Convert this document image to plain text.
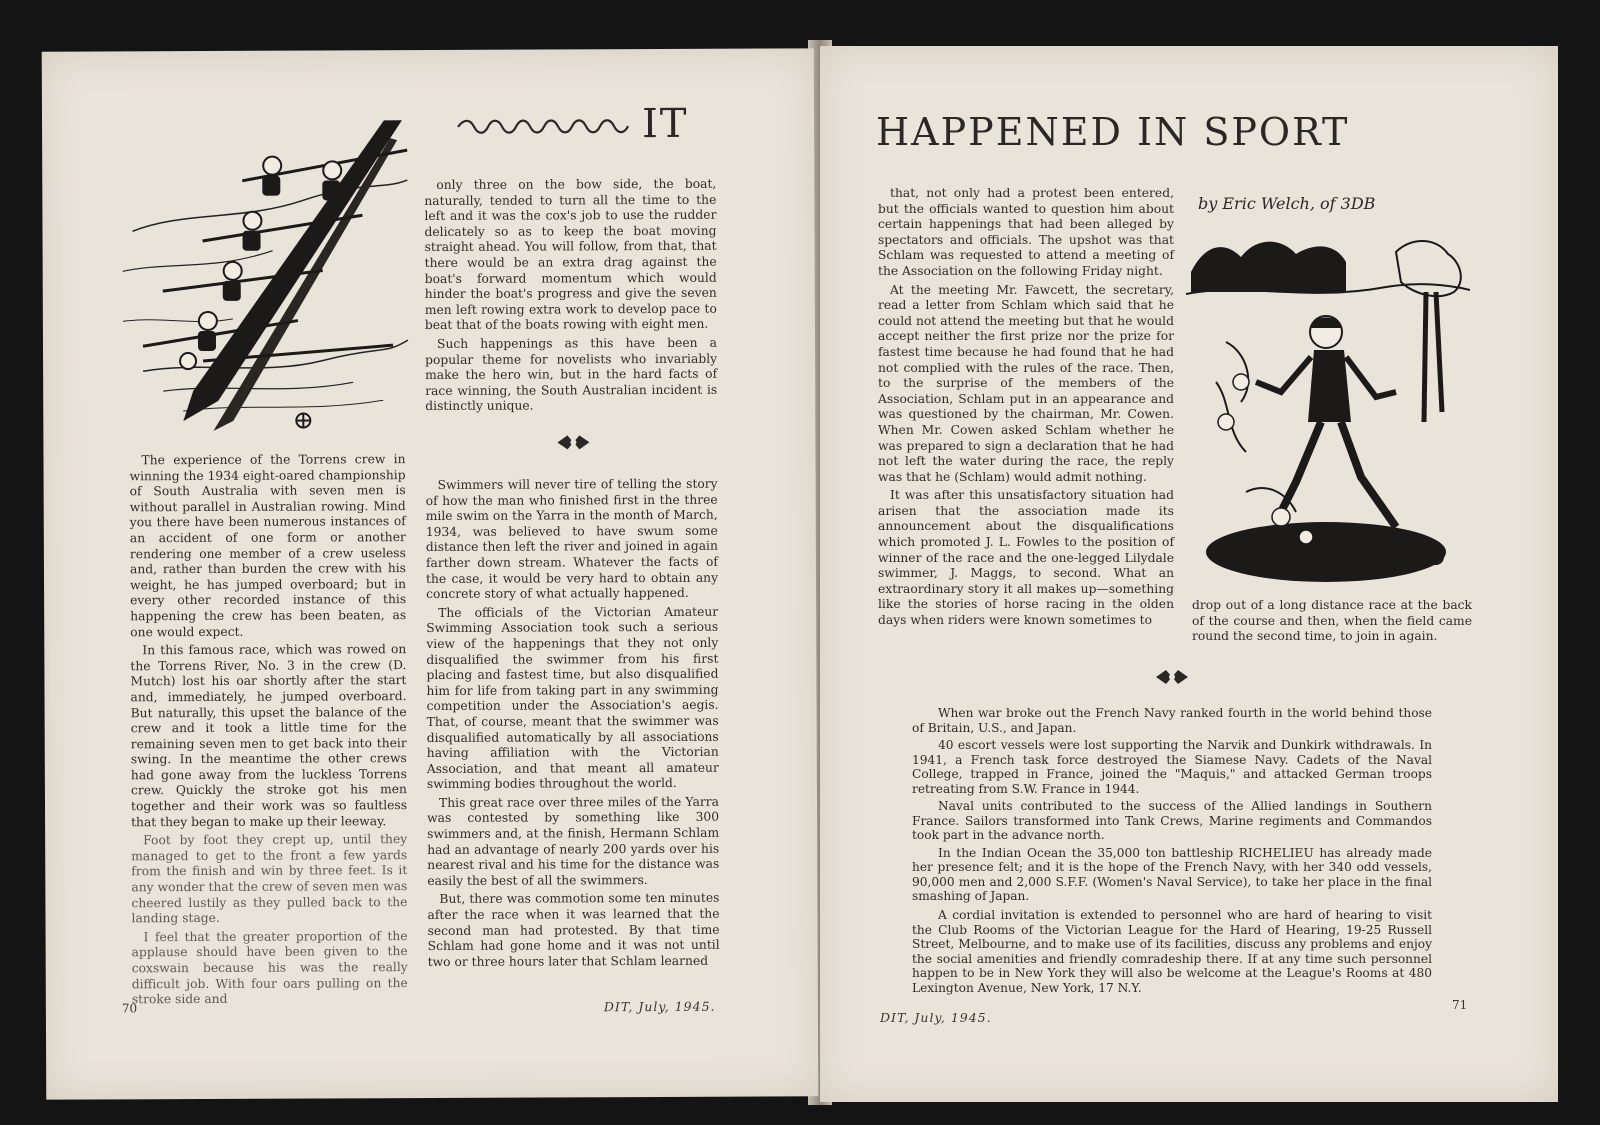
IT

The experience of the Torrens crew in winning the 1934 eight-oared championship of South Australia with seven men is without parallel in Australian rowing. Mind you there have been numerous instances of an accident of one form or another rendering one member of a crew useless and, rather than burden the crew with his weight, he has jumped overboard; but in every other recorded instance of this happening the crew has been beaten, as one would expect.

In this famous race, which was rowed on the Torrens River, No. 3 in the crew (D. Mutch) lost his oar shortly after the start and, immediately, he jumped overboard. But naturally, this upset the balance of the crew and it took a little time for the remaining seven men to get back into their swing. In the meantime the other crews had gone away from the luckless Torrens crew. Quickly the stroke got his men together and their work was so faultless that they began to make up their leeway.

Foot by foot they crept up, until they managed to get to the front a few yards from the finish and win by three feet. Is it any wonder that the crew of seven men was cheered lustily as they pulled back to the landing stage.

I feel that the greater proportion of the applause should have been given to the coxswain because his was the really difficult job. With four oars pulling on the stroke side and

only three on the bow side, the boat, naturally, tended to turn all the time to the left and it was the cox's job to use the rudder delicately so as to keep the boat moving straight ahead. You will follow, from that, that there would be an extra drag against the boat's forward momentum which would hinder the boat's progress and give the seven men left rowing extra work to develop pace to beat that of the boats rowing with eight men.

Such happenings as this have been a popular theme for novelists who invariably make the hero win, but in the hard facts of race winning, the South Australian incident is distinctly unique.

Swimmers will never tire of telling the story of how the man who finished first in the three mile swim on the Yarra in the month of March, 1934, was believed to have swum some distance then left the river and joined in again farther down stream. Whatever the facts of the case, it would be very hard to obtain any concrete story of what actually happened.

The officials of the Victorian Amateur Swimming Association took such a serious view of the happenings that they not only disqualified the swimmer from his first placing and fastest time, but also disqualified him for life from taking part in any swimming competition under the Association's aegis. That, of course, meant that the swimmer was disqualified automatically by all associations having affiliation with the Victorian Association, and that meant all amateur swimming bodies throughout the world.

This great race over three miles of the Yarra was contested by something like 300 swimmers and, at the finish, Hermann Schlam had an advantage of nearly 200 yards over his nearest rival and his time for the distance was easily the best of all the swimmers.

But, there was commotion some ten minutes after the race when it was learned that the second man had protested. By that time Schlam had gone home and it was not until two or three hours later that Schlam learned

70	DIT, July, 1945.
HAPPENED IN SPORT
by Eric Welch, of 3DB

that, not only had a protest been entered, but the officials wanted to question him about certain happenings that had been alleged by spectators and officials. The upshot was that Schlam was requested to attend a meeting of the Association on the following Friday night.

At the meeting Mr. Fawcett, the secretary, read a letter from Schlam which said that he could not attend the meeting but that he would accept neither the first prize nor the prize for fastest time because he had found that he had not complied with the rules of the race. Then, to the surprise of the members of the Association, Schlam put in an appearance and was questioned by the chairman, Mr. Cowen. When Mr. Cowen asked Schlam whether he was prepared to sign a declaration that he had not left the water during the race, the reply was that he (Schlam) would admit nothing.

It was after this unsatisfactory situation had arisen that the association made its announcement about the disqualifications which promoted J. L. Fowles to the position of winner of the race and the one-legged Lilydale swimmer, J. Maggs, to second. What an extraordinary story it all makes up—something like the stories of horse racing in the olden days when riders were known sometimes to

drop out of a long distance race at the back of the course and then, when the field came round the second time, to join in again.

When war broke out the French Navy ranked fourth in the world behind those of Britain, U.S., and Japan.

40 escort vessels were lost supporting the Narvik and Dunkirk withdrawals. In 1941, a French task force destroyed the Siamese Navy. Cadets of the Naval College, trapped in France, joined the "Maquis," and attacked German troops retreating from S.W. France in 1944.

Naval units contributed to the success of the Allied landings in Southern France. Sailors transformed into Tank Crews, Marine regiments and Commandos took part in the advance north.

In the Indian Ocean the 35,000 ton battleship RICHELIEU has already made her presence felt; and it is the hope of the French Navy, with her 340 odd vessels, 90,000 men and 2,000 S.F.F. (Women's Naval Service), to take her place in the final smashing of Japan.

A cordial invitation is extended to personnel who are hard of hearing to visit the Club Rooms of the Victorian League for the Hard of Hearing, 19-25 Russell Street, Melbourne, and to make use of its facilities, discuss any problems and enjoy the social amenities and friendly comradeship there. If at any time such personnel happen to be in New York they will also be welcome at the League's Rooms at 480 Lexington Avenue, New York, 17 N.Y.

DIT, July, 1945.
71
